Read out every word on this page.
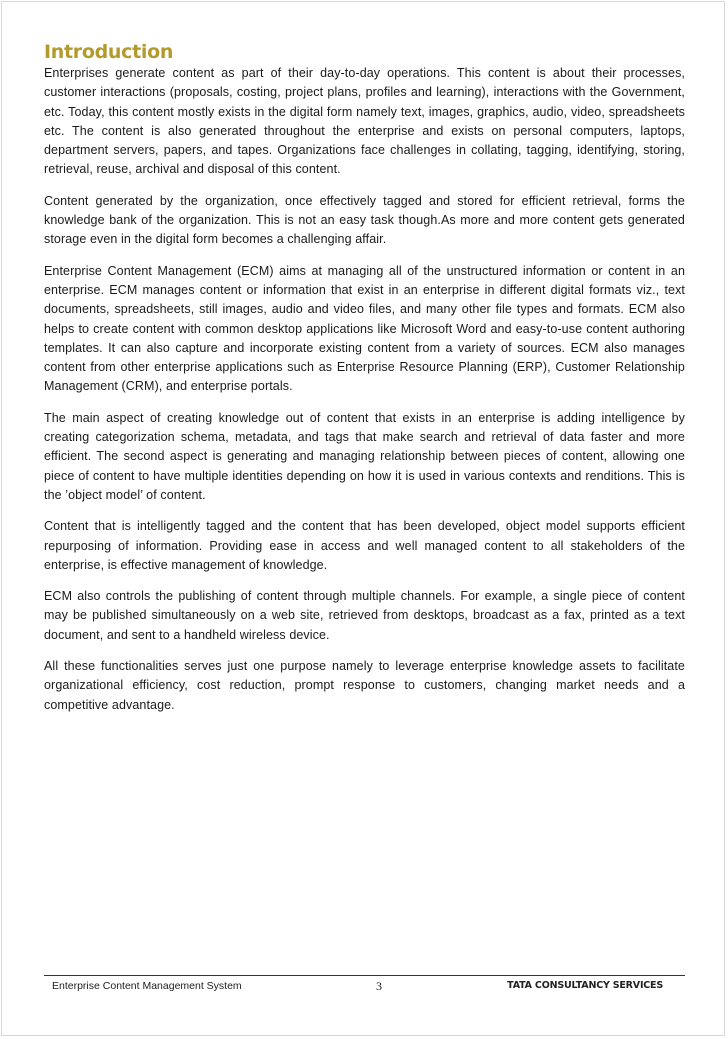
Introduction

Enterprises generate content as part of their day-to-day operations. This content is about their processes, customer interactions (proposals, costing, project plans, profiles and learning), interactions with the Government, etc. Today, this content mostly exists in the digital form namely text, images, graphics, audio, video, spreadsheets etc. The content is also generated throughout the enterprise and exists on personal computers, laptops, department servers, papers, and tapes. Organizations face challenges in collating, tagging, identifying, storing, retrieval, reuse, archival and disposal of this content.

Content generated by the organization, once effectively tagged and stored for efficient retrieval, forms the knowledge bank of the organization. This is not an easy task though.As more and more content gets generated storage even in the digital form becomes a challenging affair.

Enterprise Content Management (ECM) aims at managing all of the unstructured information or content in an enterprise. ECM manages content or information that exist in an enterprise in different digital formats viz., text documents, spreadsheets, still images, audio and video files, and many other file types and formats. ECM also helps to create content with common desktop applications like Microsoft Word and easy-to-use content authoring templates. It can also capture and incorporate existing content from a variety of sources. ECM also manages content from other enterprise applications such as Enterprise Resource Planning (ERP), Customer Relationship Management (CRM), and enterprise portals.

The main aspect of creating knowledge out of content that exists in an enterprise is adding intelligence by creating categorization schema, metadata, and tags that make search and retrieval of data faster and more efficient. The second aspect is generating and managing relationship between pieces of content, allowing one piece of content to have multiple identities depending on how it is used in various contexts and renditions. This is the ’object model’ of content.

Content that is intelligently tagged and the content that has been developed, object model supports efficient repurposing of information. Providing ease in access and well managed content to all stakeholders of the enterprise, is effective management of knowledge.

ECM also controls the publishing of content through multiple channels. For example, a single piece of content may be published simultaneously on a web site, retrieved from desktops, broadcast as a fax, printed as a text document, and sent to a handheld wireless device.

All these functionalities serves just one purpose namely to leverage enterprise knowledge assets to facilitate organizational efficiency, cost reduction, prompt response to customers, changing market needs and a competitive advantage.

Enterprise Content Management System	3	TATA CONSULTANCY SERVICES
